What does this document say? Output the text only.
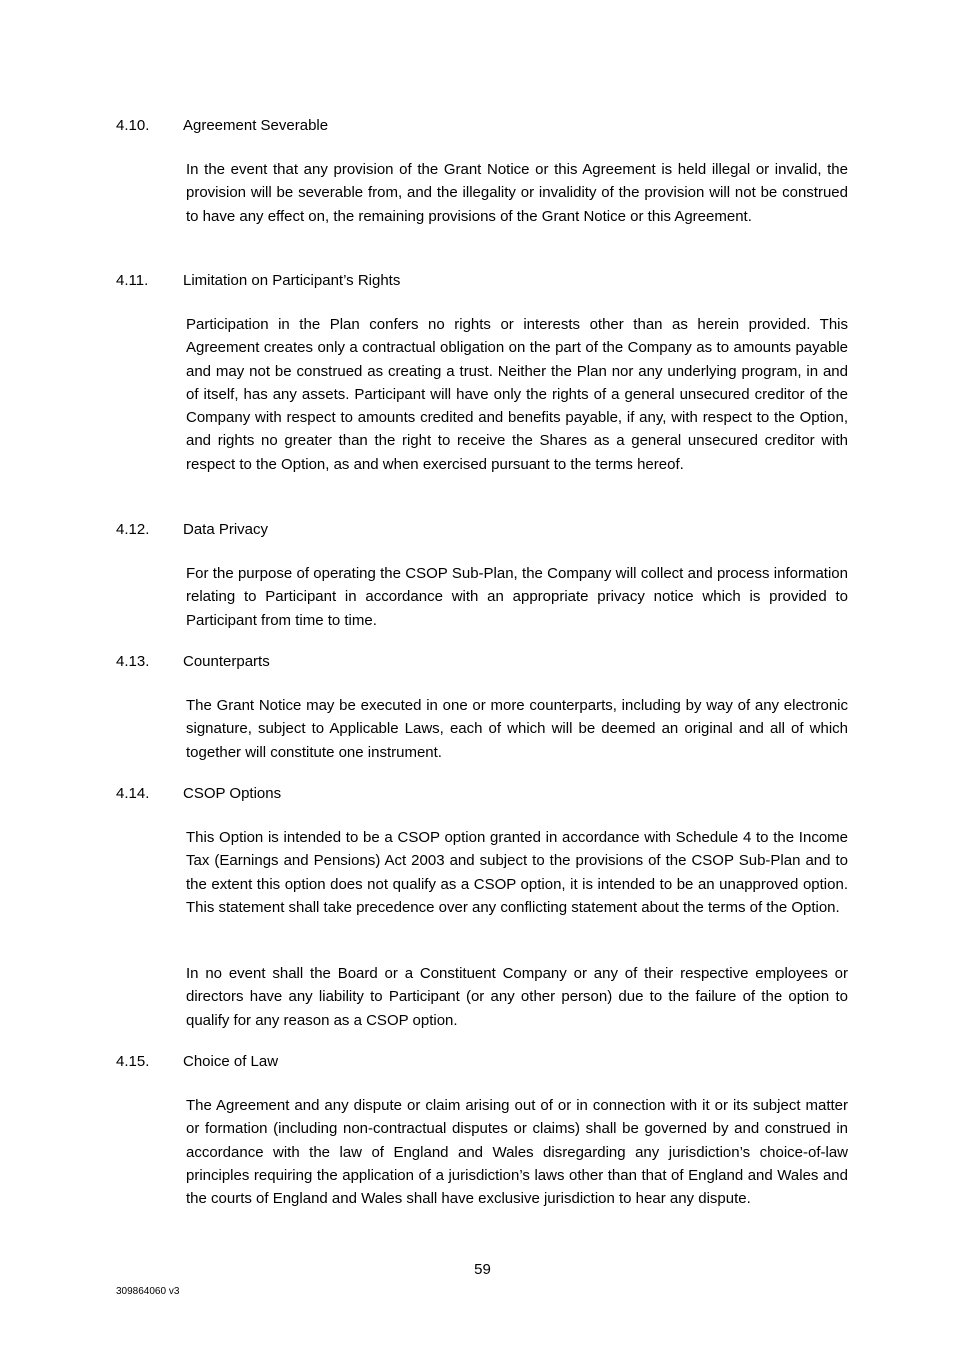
4.10. Agreement Severable

In the event that any provision of the Grant Notice or this Agreement is held illegal or invalid, the provision will be severable from, and the illegality or invalidity of the provision will not be construed to have any effect on, the remaining provisions of the Grant Notice or this Agreement.

4.11. Limitation on Participant’s Rights

Participation in the Plan confers no rights or interests other than as herein provided. This Agreement creates only a contractual obligation on the part of the Company as to amounts payable and may not be construed as creating a trust. Neither the Plan nor any underlying program, in and of itself, has any assets. Participant will have only the rights of a general unsecured creditor of the Company with respect to amounts credited and benefits payable, if any, with respect to the Option, and rights no greater than the right to receive the Shares as a general unsecured creditor with respect to the Option, as and when exercised pursuant to the terms hereof.

4.12. Data Privacy

For the purpose of operating the CSOP Sub-Plan, the Company will collect and process information relating to Participant in accordance with an appropriate privacy notice which is provided to Participant from time to time.

4.13. Counterparts

The Grant Notice may be executed in one or more counterparts, including by way of any electronic signature, subject to Applicable Laws, each of which will be deemed an original and all of which together will constitute one instrument.

4.14. CSOP Options

This Option is intended to be a CSOP option granted in accordance with Schedule 4 to the Income Tax (Earnings and Pensions) Act 2003 and subject to the provisions of the CSOP Sub-Plan and to the extent this option does not qualify as a CSOP option, it is intended to be an unapproved option. This statement shall take precedence over any conflicting statement about the terms of the Option.

In no event shall the Board or a Constituent Company or any of their respective employees or directors have any liability to Participant (or any other person) due to the failure of the option to qualify for any reason as a CSOP option.

4.15. Choice of Law

The Agreement and any dispute or claim arising out of or in connection with it or its subject matter or formation (including non-contractual disputes or claims) shall be governed by and construed in accordance with the law of England and Wales disregarding any jurisdiction’s choice-of-law principles requiring the application of a jurisdiction’s laws other than that of England and Wales and the courts of England and Wales shall have exclusive jurisdiction to hear any dispute.

59
309864060 v3
